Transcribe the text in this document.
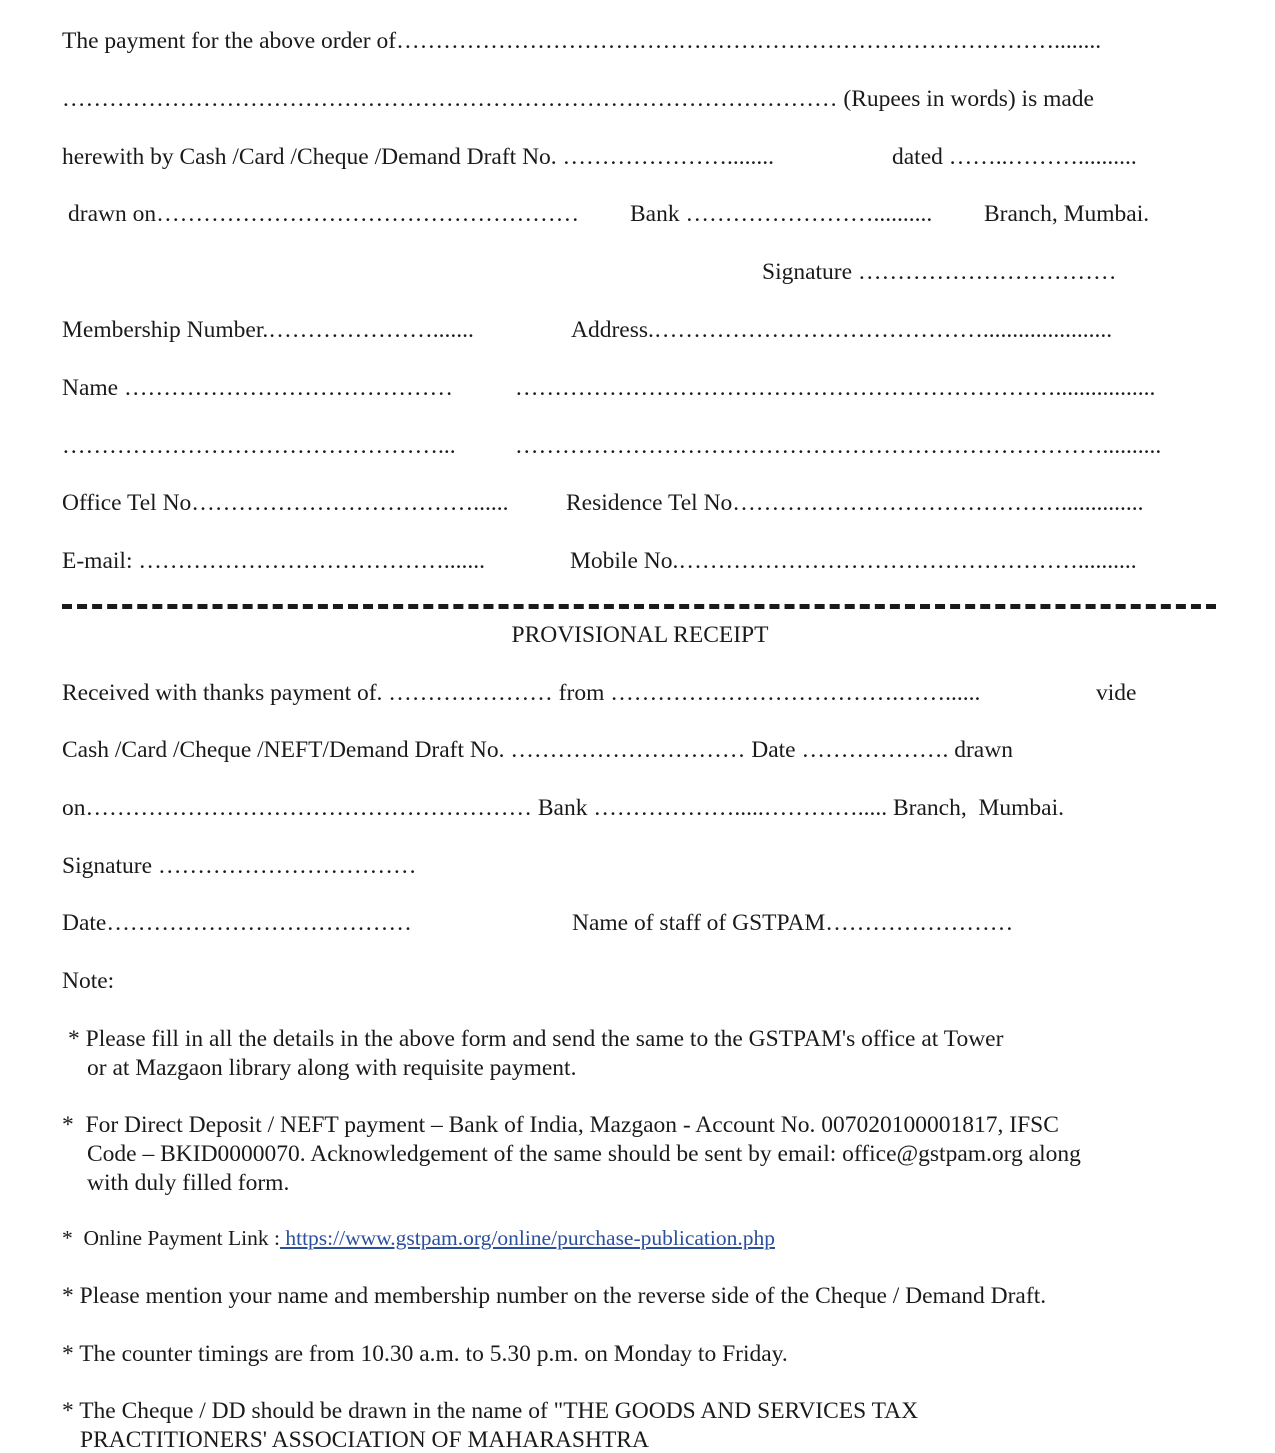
The payment for the above order of…………………………………………………………………………........
……………………………………………………………………………………… (Rupees in words) is made
herewith by Cash /Card /Cheque /Demand Draft No. …………………........	dated ……..………..........
drawn on………………………………………………	Bank ……………………..........	Branch, Mumbai.
Signature ……………………………
Membership Number.………………….......	Address.……………………………………......................
Name ……………………………………	…………………………………………………………….................
…………………………………………...	…………………………………………………………………..........
Office Tel No………………………………......	Residence Tel No……………………………………..............
E-mail: ………………………………….......	Mobile No.……………………………………………..........
PROVISIONAL RECEIPT
Received with thanks payment of. ………………… from ……………………………….……......	vide
Cash /Card /Cheque /NEFT/Demand Draft No. ………………………… Date ………………. drawn
on………………………………………………… Bank ……………….....…………..... Branch,  Mumbai.
Signature ……………………………
Date…………………………………	Name of staff of GSTPAM……………………
Note:
* Please fill in all the details in the above form and send the same to the GSTPAM's office at Tower
or at Mazgaon library along with requisite payment.
*  For Direct Deposit / NEFT payment – Bank of India, Mazgaon - Account No. 007020100001817, IFSC
Code – BKID0000070. Acknowledgement of the same should be sent by email: office@gstpam.org along
with duly filled form.
*  Online Payment Link : https://www.gstpam.org/online/purchase-publication.php
* Please mention your name and membership number on the reverse side of the Cheque / Demand Draft.
* The counter timings are from 10.30 a.m. to 5.30 p.m. on Monday to Friday.
* The Cheque / DD should be drawn in the name of "THE GOODS AND SERVICES TAX
PRACTITIONERS' ASSOCIATION OF MAHARASHTRA
